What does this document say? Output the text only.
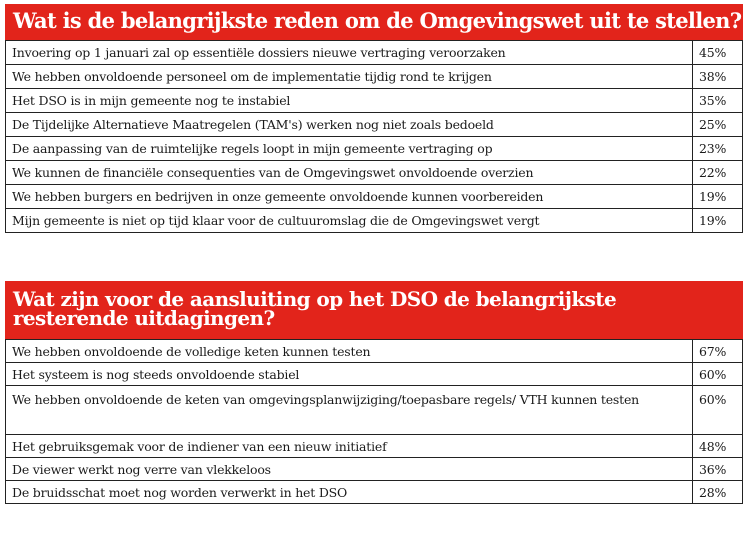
Wat is de belangrijkste reden om de Omgevingswet uit te stellen?
Invoering op 1 januari zal op essentiële dossiers nieuwe vertraging veroorzaken	45%
We hebben onvoldoende personeel om de implementatie tijdig rond te krijgen	38%
Het DSO is in mijn gemeente nog te instabiel	35%
De Tijdelijke Alternatieve Maatregelen (TAM's) werken nog niet zoals bedoeld	25%
De aanpassing van de ruimtelijke regels loopt in mijn gemeente vertraging op	23%
We kunnen de financiële consequenties van de Omgevingswet onvoldoende overzien	22%
We hebben burgers en bedrijven in onze gemeente onvoldoende kunnen voorbereiden	19%
Mijn gemeente is niet op tijd klaar voor de cultuuromslag die de Omgevingswet vergt	19%
Wat zijn voor de aansluiting op het DSO de belangrijkste resterende uitdagingen?
We hebben onvoldoende de volledige keten kunnen testen	67%
Het systeem is nog steeds onvoldoende stabiel	60%
We hebben onvoldoende de keten van omgevingsplanwijziging/toepasbare regels/ VTH kunnen testen	60%
Het gebruiksgemak voor de indiener van een nieuw initiatief	48%
De viewer werkt nog verre van vlekkeloos	36%
De bruidsschat moet nog worden verwerkt in het DSO	28%
